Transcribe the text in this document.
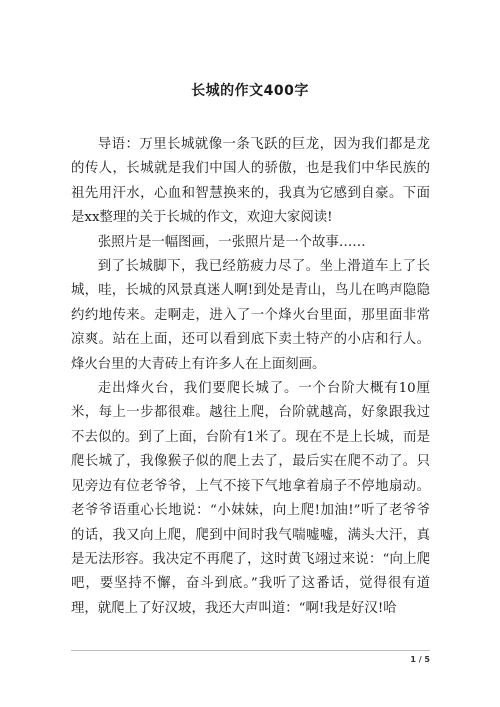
长城的作文400字

导语：万里长城就像一条飞跃的巨龙，因为我们都是龙的传人，长城就是我们中国人的骄傲，也是我们中华民族的祖先用汗水，心血和智慧换来的，我真为它感到自豪。下面是xx整理的关于长城的作文，欢迎大家阅读!

张照片是一幅图画，一张照片是一个故事……

到了长城脚下，我已经筋疲力尽了。坐上滑道车上了长城，哇，长城的风景真迷人啊!到处是青山，鸟儿在鸣声隐隐约约地传来。走啊走，进入了一个烽火台里面，那里面非常凉爽。站在上面，还可以看到底下卖土特产的小店和行人。烽火台里的大青砖上有许多人在上面刻画。

走出烽火台，我们要爬长城了。一个台阶大概有10厘米，每上一步都很难。越往上爬，台阶就越高，好象跟我过不去似的。到了上面，台阶有1米了。现在不是上长城，而是爬长城了，我像猴子似的爬上去了，最后实在爬不动了。只见旁边有位老爷爷，上气不接下气地拿着扇子不停地扇动。老爷爷语重心长地说：“小妹妹，向上爬!加油!”听了老爷爷的话，我又向上爬，爬到中间时我气喘嘘嘘，满头大汗，真是无法形容。我决定不再爬了，这时黄飞翊过来说：“向上爬吧，要坚持不懈，奋斗到底。”我听了这番话，觉得很有道理，就爬上了好汉坡，我还大声叫道：“啊!我是好汉!哈

1 / 5
